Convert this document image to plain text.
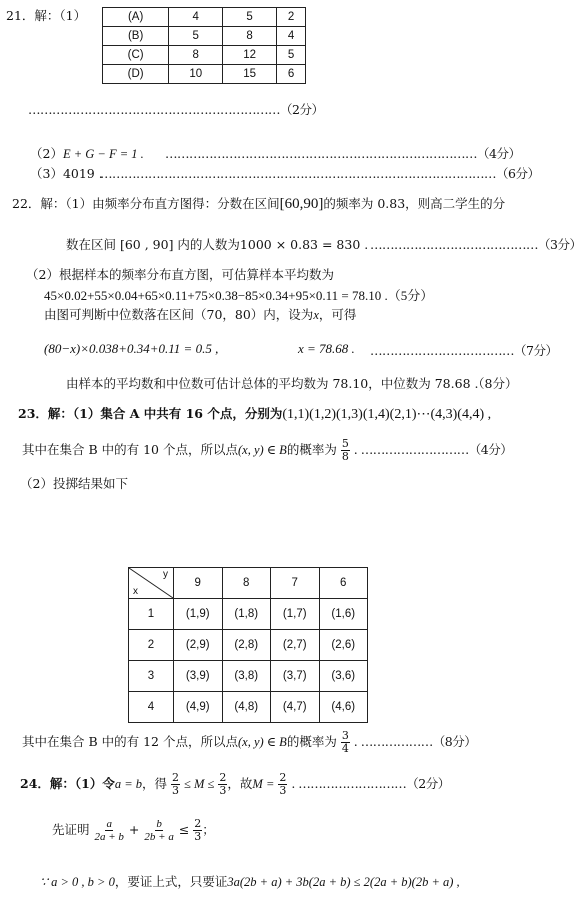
21．解：（1）	(A)	4	5	2
(B)	5	8	4
(C)	8	12	5
(D)	10	15	6
………………………………………………………（2分）
（2）E + G − F = 1 . ……………………………………………………………………（4分）
（3）4019 .
………………………………………………………………………………………（6分）
22．解：（1）由频率分布直方图得：分数在区间[60,90]的频率为 0.83，则高二学生的分
数在区间 [60 , 90] 内的人数为1000 × 0.83 = 830 . ……………………………………（3分）
（2）根据样本的频率分布直方图，可估算样本平均数为
45×0.02+55×0.04+65×0.11+75×0.38−85×0.34+95×0.11 = 78.10 .（5分）
由图可判断中位数落在区间（70，80）内，设为x，可得
(80−x)×0.038+0.34+0.11 = 0.5 ,	x = 78.68 . ………………………………（7分）
由样本的平均数和中位数可估计总体的平均数为 78.10，中位数为 78.68 .
（8分）
23．解：（1）集合 A 中共有 16 个点，分别为(1,1)(1,2)(1,3)(1,4)(2,1)⋯(4,3)(4,4) ,
其中在集合 B 中的有 10 个点，所以点(x, y) ∈ B的概率为 $\frac{5}{8}$ . ………………………（4分）
（2）投掷结果如下
y
x	9	8	7	6
1	(1,9)	(1,8)	(1,7)	(1,6)
2	(2,9)	(2,8)	(2,7)	(2,6)
3	(3,9)	(3,8)	(3,7)	(3,6)
4	(4,9)	(4,8)	(4,7)	(4,6)
其中在集合 B 中的有 12 个点，所以点(x, y) ∈ B的概率为 $\frac{3}{4}$ . ………………（8分）
24．解：（1）令a = b，得 $\frac{2}{3} \le M \le \frac{2}{3}$ ，故$M = \frac{2}{3}$ . ………………………（2分）
先证明 $\frac{a}{2a + b} + \frac{b}{2b + a} \le \frac{2}{3}$ ；
∵ a > 0 , b > 0，要证上式，只要证3a(2b + a) + 3b(2a + b) ≤ 2(2a + b)(2b + a) ,
